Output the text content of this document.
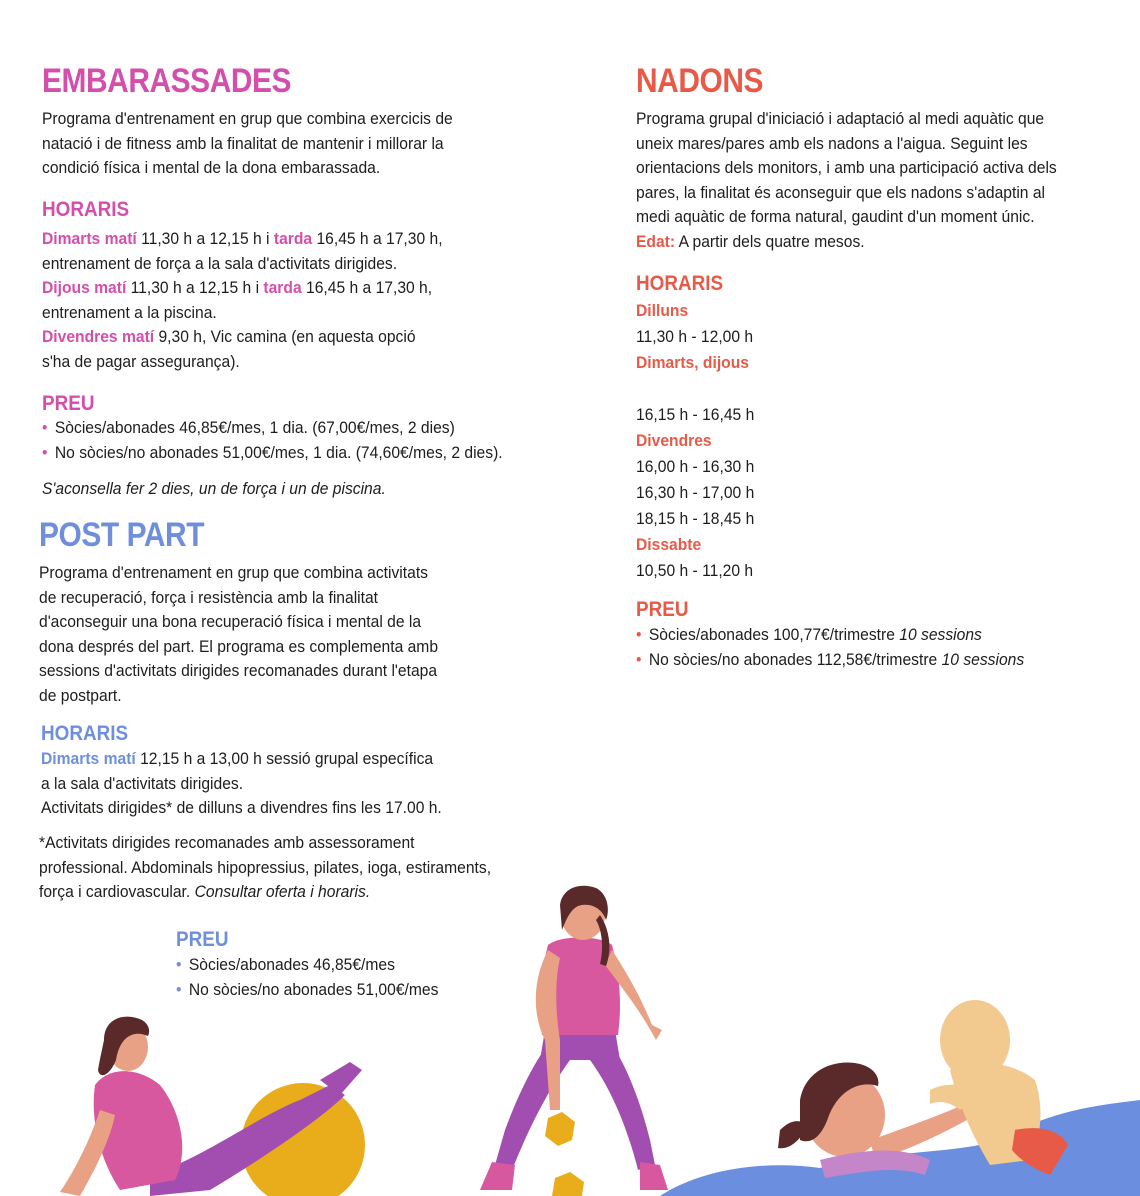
EMBARASSADES
Programa d'entrenament en grup que combina exercicis de
natació i de fitness amb la finalitat de mantenir i millorar la
condició física i mental de la dona embarassada.
HORARIS
Dimarts matí 11,30 h a 12,15 h i tarda 16,45 h a 17,30 h,
entrenament de força a la sala d'activitats dirigides.
Dijous matí 11,30 h a 12,15 h i tarda 16,45 h a 17,30 h,
entrenament a la piscina.
Divendres matí 9,30 h, Vic camina (en aquesta opció
s'ha de pagar assegurança).
PREU
• Sòcies/abonades 46,85€/mes, 1 dia. (67,00€/mes, 2 dies)
• No sòcies/no abonades 51,00€/mes, 1 dia. (74,60€/mes, 2 dies).
S'aconsella fer 2 dies, un de força i un de piscina.
POST PART
Programa d'entrenament en grup que combina activitats
de recuperació, força i resistència amb la finalitat
d'aconseguir una bona recuperació física i mental de la
dona després del part. El programa es complementa amb
sessions d'activitats dirigides recomanades durant l'etapa
de postpart.
HORARIS
Dimarts matí 12,15 h a 13,00 h sessió grupal específica
a la sala d'activitats dirigides.
Activitats dirigides* de dilluns a divendres fins les 17.00 h.
*Activitats dirigides recomanades amb assessorament
professional. Abdominals hipopressius, pilates, ioga, estiraments,
força i cardiovascular. Consultar oferta i horaris.
PREU
• Sòcies/abonades 46,85€/mes
• No sòcies/no abonades 51,00€/mes
NADONS
Programa grupal d'iniciació i adaptació al medi aquàtic que
uneix mares/pares amb els nadons a l'aigua. Seguint les
orientacions dels monitors, i amb una participació activa dels
pares, la finalitat és aconseguir que els nadons s'adaptin al
medi aquàtic de forma natural, gaudint d'un moment únic.
Edat: A partir dels quatre mesos.
HORARIS
Dilluns
11,30 h - 12,00 h
Dimarts, dijous

16,15 h - 16,45 h
Divendres
16,00 h - 16,30 h
16,30 h - 17,00 h
18,15 h - 18,45 h
Dissabte
10,50 h - 11,20 h
PREU
• Sòcies/abonades 100,77€/trimestre 10 sessions
• No sòcies/no abonades 112,58€/trimestre 10 sessions
